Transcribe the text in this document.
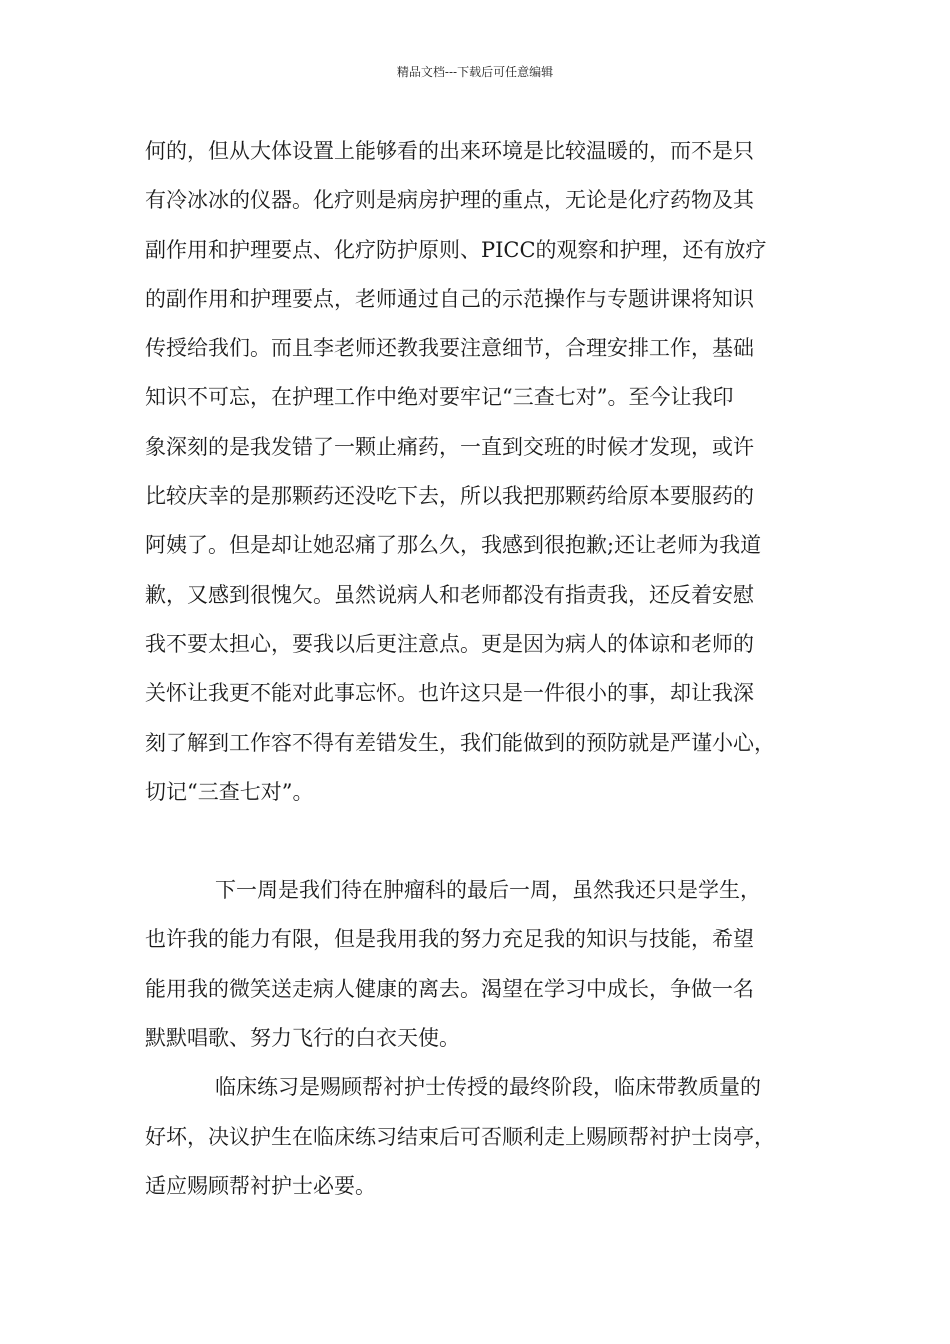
精品文档---下载后可任意编辑
何的，但从大体设置上能够看的出来环境是比较温暖的，而不是只
有冷冰冰的仪器。化疗则是病房护理的重点，无论是化疗药物及其
副作用和护理要点、化疗防护原则、PICC的观察和护理，还有放疗
的副作用和护理要点，老师通过自己的示范操作与专题讲课将知识
传授给我们。而且李老师还教我要注意细节，合理安排工作，基础
知识不可忘，在护理工作中绝对要牢记“三查七对”。至今让我印
象深刻的是我发错了一颗止痛药，一直到交班的时候才发现，或许
比较庆幸的是那颗药还没吃下去，所以我把那颗药给原本要服药的
阿姨了。但是却让她忍痛了那么久，我感到很抱歉;还让老师为我道
歉，又感到很愧欠。虽然说病人和老师都没有指责我，还反着安慰
我不要太担心，要我以后更注意点。更是因为病人的体谅和老师的
关怀让我更不能对此事忘怀。也许这只是一件很小的事，却让我深
刻了解到工作容不得有差错发生，我们能做到的预防就是严谨小心，
切记“三查七对”。
下一周是我们待在肿瘤科的最后一周，虽然我还只是学生，
也许我的能力有限，但是我用我的努力充足我的知识与技能，希望
能用我的微笑送走病人健康的离去。渴望在学习中成长，争做一名
默默唱歌、努力飞行的白衣天使。
临床练习是赐顾帮衬护士传授的最终阶段，临床带教质量的
好坏，决议护生在临床练习结束后可否顺利走上赐顾帮衬护士岗亭，
适应赐顾帮衬护士必要。
